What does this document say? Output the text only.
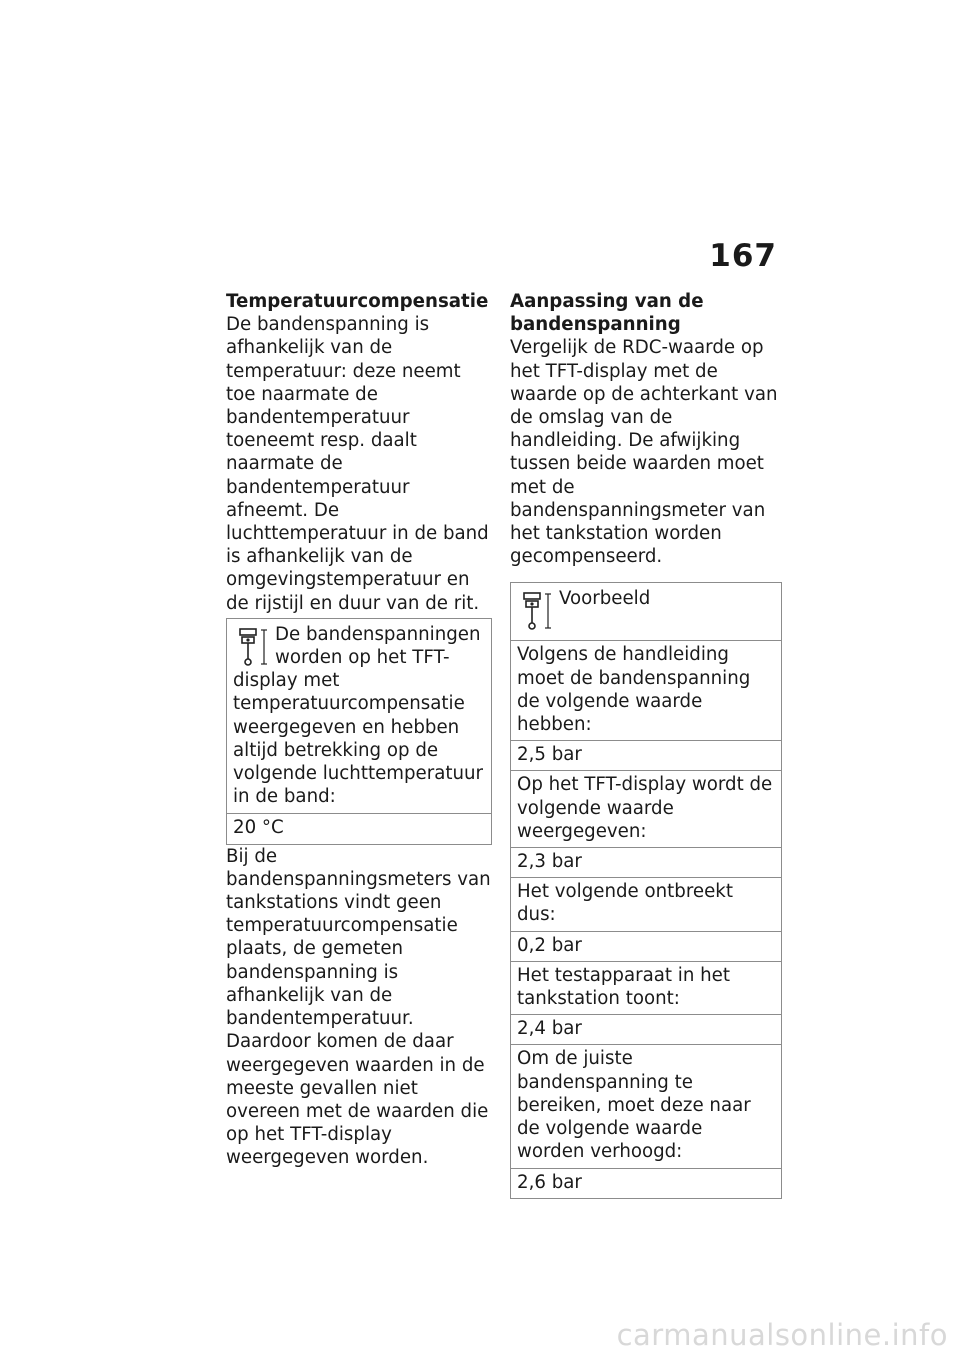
167

Temperatuurcompensatie

De bandenspanning is afhankelijk van de temperatuur: deze neemt toe naarmate de bandentemperatuur toeneemt resp. daalt naarmate de bandentemperatuur afneemt. De luchttemperatuur in de band is afhankelijk van de omgevingstemperatuur en de rijstijl en duur van de rit.

De bandenspanningen worden op het TFT-display met temperatuurcompensatie weergegeven en hebben altijd betrekking op de volgende luchttemperatuur in de band:
20 °C

Bij de bandenspanningsmeters van tankstations vindt geen temperatuurcompensatie plaats, de gemeten bandenspanning is afhankelijk van de bandentemperatuur. Daardoor komen de daar weergegeven waarden in de meeste gevallen niet overeen met de waarden die op het TFT-display weergegeven worden.

Aanpassing van de bandenspanning

Vergelijk de RDC-waarde op het TFT-display met de waarde op de achterkant van de omslag van de handleiding. De afwijking tussen beide waarden moet met de bandenspanningsmeter van het tankstation worden gecompenseerd.

Voorbeeld
Volgens de handleiding moet de bandenspanning de volgende waarde hebben:
2,5 bar
Op het TFT-display wordt de volgende waarde weergegeven:
2,3 bar
Het volgende ontbreekt dus:
0,2 bar
Het testapparaat in het tankstation toont:
2,4 bar
Om de juiste bandenspanning te bereiken, moet deze naar de volgende waarde worden verhoogd:
2,6 bar

carmanualsonline.info
